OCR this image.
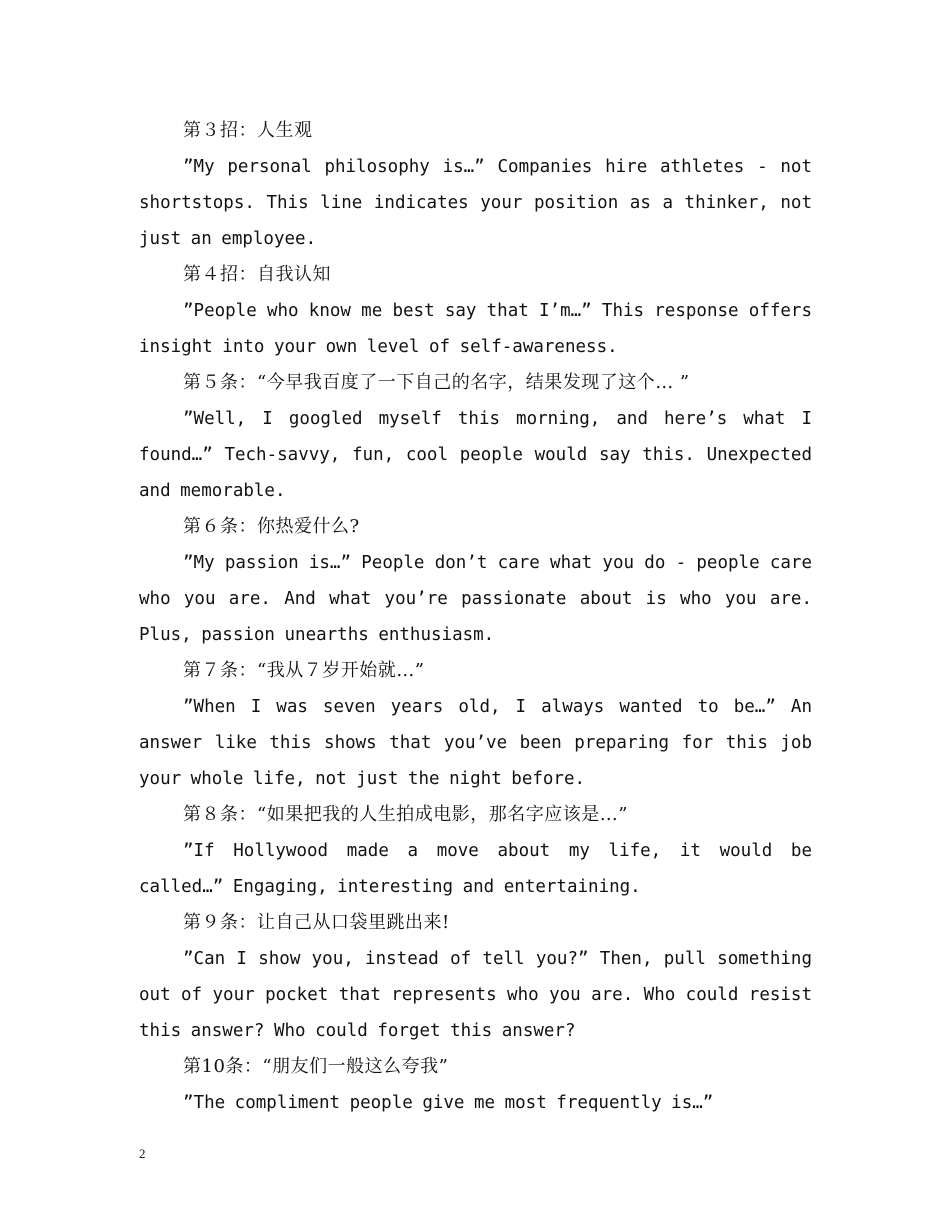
第３招：人生观
”My personal philosophy is…” Companies hire athletes - not shortstops. This line indicates your position as a thinker, not just an employee.
第４招：自我认知
”People who know me best say that I’m…” This response offers insight into your own level of self-awareness.
第５条：“今早我百度了一下自己的名字，结果发现了这个… ”
”Well, I googled myself this morning, and here’s what I found…” Tech-savvy, fun, cool people would say this. Unexpected and memorable.
第６条：你热爱什么?
”My passion is…” People don’t care what you do - people care who you are. And what you’re passionate about is who you are. Plus, passion unearths enthusiasm.
第７条：“我从７岁开始就…”
”When I was seven years old, I always wanted to be…” An answer like this shows that you’ve been preparing for this job your whole life, not just the night before.
第８条：“如果把我的人生拍成电影，那名字应该是…”
”If Hollywood made a move about my life, it would be called…” Engaging, interesting and entertaining.
第９条：让自己从口袋里跳出来!
”Can I show you, instead of tell you?” Then, pull something out of your pocket that represents who you are. Who could resist this answer? Who could forget this answer?
第10条：“朋友们一般这么夸我”
”The compliment people give me most frequently is…”
2
